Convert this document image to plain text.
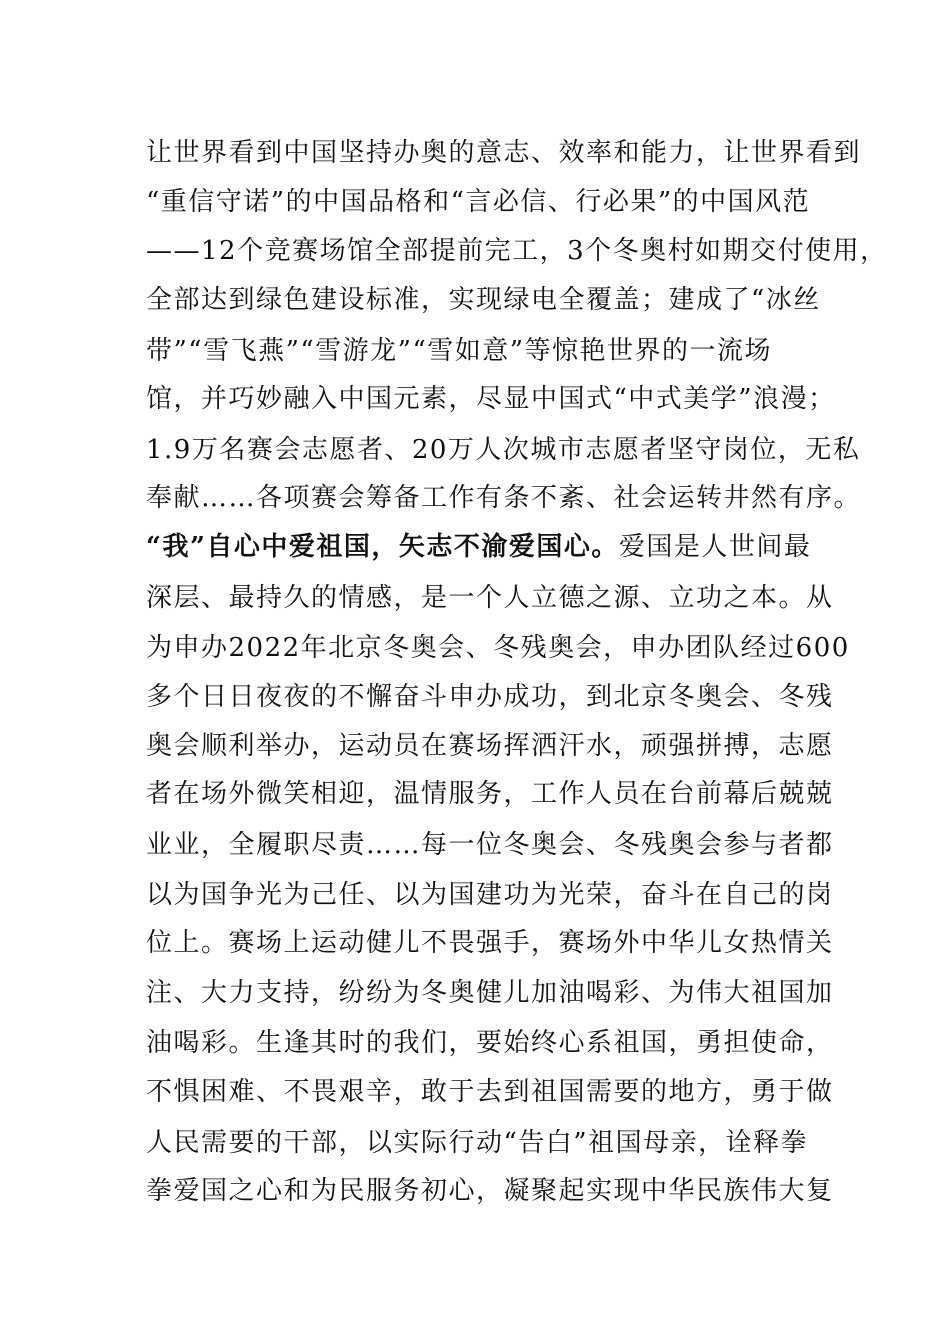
让世界看到中国坚持办奥的意志、效率和能力，让世界看到
“重信守诺”的中国品格和“言必信、行必果”的中国风范
——12个竞赛场馆全部提前完工，3个冬奥村如期交付使用，
全部达到绿色建设标准，实现绿电全覆盖；建成了“冰丝
带”“雪飞燕”“雪游龙”“雪如意”等惊艳世界的一流场
馆，并巧妙融入中国元素，尽显中国式“中式美学”浪漫；
1.9万名赛会志愿者、20万人次城市志愿者坚守岗位，无私
奉献……各项赛会筹备工作有条不紊、社会运转井然有序。
“我”自心中爱祖国，矢志不渝爱国心。爱国是人世间最
深层、最持久的情感，是一个人立德之源、立功之本。从
为申办2022年北京冬奥会、冬残奥会，申办团队经过600
多个日日夜夜的不懈奋斗申办成功，到北京冬奥会、冬残
奥会顺利举办，运动员在赛场挥洒汗水，顽强拼搏，志愿
者在场外微笑相迎，温情服务，工作人员在台前幕后兢兢
业业，全履职尽责……每一位冬奥会、冬残奥会参与者都
以为国争光为己任、以为国建功为光荣，奋斗在自己的岗
位上。赛场上运动健儿不畏强手，赛场外中华儿女热情关
注、大力支持，纷纷为冬奥健儿加油喝彩、为伟大祖国加
油喝彩。生逢其时的我们，要始终心系祖国，勇担使命，
不惧困难、不畏艰辛，敢于去到祖国需要的地方，勇于做
人民需要的干部，以实际行动“告白”祖国母亲，诠释拳
拳爱国之心和为民服务初心，凝聚起实现中华民族伟大复
